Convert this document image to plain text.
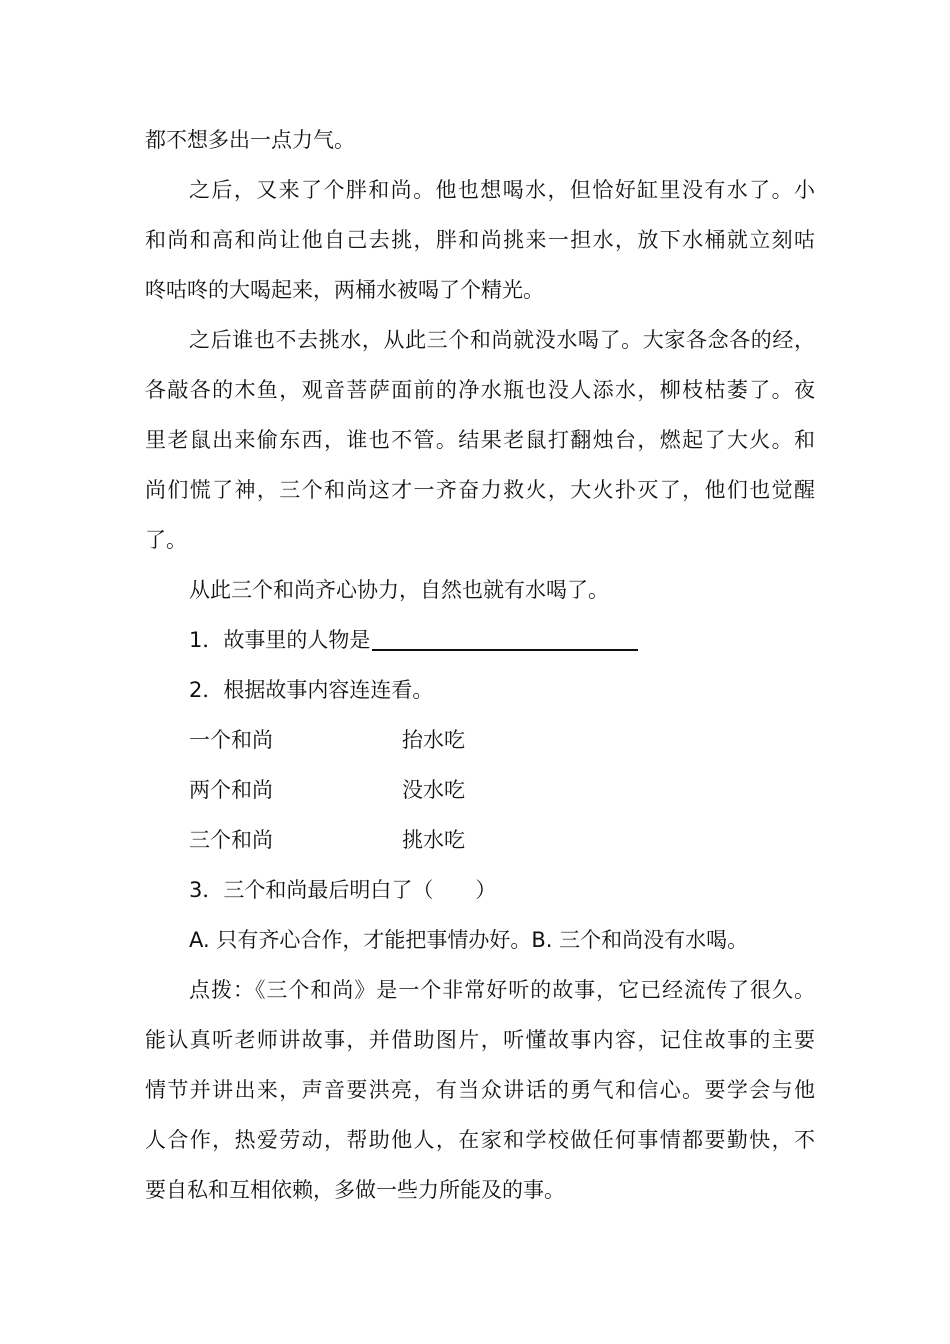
都不想多出一点力气。
之后，又来了个胖和尚。他也想喝水，但恰好缸里没有水了。小
和尚和高和尚让他自己去挑，胖和尚挑来一担水，放下水桶就立刻咕
咚咕咚的大喝起来，两桶水被喝了个精光。
之后谁也不去挑水，从此三个和尚就没水喝了。大家各念各的经，
各敲各的木鱼，观音菩萨面前的净水瓶也没人添水，柳枝枯萎了。夜
里老鼠出来偷东西，谁也不管。结果老鼠打翻烛台，燃起了大火。和
尚们慌了神，三个和尚这才一齐奋力救火，大火扑灭了，他们也觉醒
了。
从此三个和尚齐心协力，自然也就有水喝了。
1．故事里的人物是
2．根据故事内容连连看。
一个和尚	抬水吃
两个和尚	没水吃
三个和尚	挑水吃
3．三个和尚最后明白了（　　）
A. 只有齐心合作，才能把事情办好。B. 三个和尚没有水喝。
点拨：《三个和尚》是一个非常好听的故事，它已经流传了很久。
能认真听老师讲故事，并借助图片，听懂故事内容，记住故事的主要
情节并讲出来，声音要洪亮，有当众讲话的勇气和信心。要学会与他
人合作，热爱劳动，帮助他人，在家和学校做任何事情都要勤快，不
要自私和互相依赖，多做一些力所能及的事。
